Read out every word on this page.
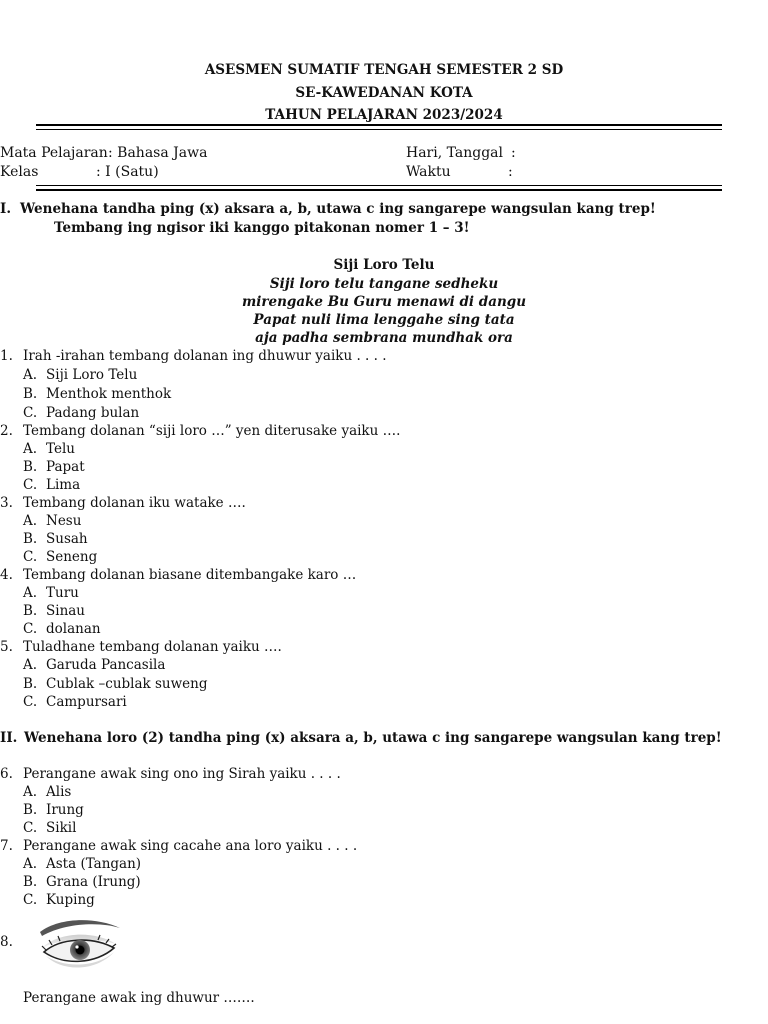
ASESMEN SUMATIF TENGAH SEMESTER 2 SD
SE-KAWEDANAN KOTA
TAHUN PELAJARAN 2023/2024
Mata Pelajaran : Bahasa Jawa	Hari, Tanggal :
Kelas	: I (Satu)	Waktu	:
I. Wenehana tandha ping (x) aksara a, b, utawa c ing sangarepe wangsulan kang trep!
Tembang ing ngisor iki kanggo pitakonan nomer 1 – 3!
Siji Loro Telu
Siji loro telu tangane sedheku
mirengake Bu Guru menawi di dangu
Papat nuli lima lenggahe sing tata
aja padha sembrana mundhak ora
1. Irah -irahan tembang dolanan ing dhuwur yaiku . . . .
A. Siji Loro Telu
B. Menthok menthok
C. Padang bulan
2. Tembang dolanan “siji loro …” yen diterusake yaiku ….
A. Telu
B. Papat
C. Lima
3. Tembang dolanan iku watake ….
A. Nesu
B. Susah
C. Seneng
4. Tembang dolanan biasane ditembangake karo …
A. Turu
B. Sinau
C. dolanan
5. Tuladhane tembang dolanan yaiku ….
A. Garuda Pancasila
B. Cublak –cublak suweng
C. Campursari
II. Wenehana loro (2) tandha ping (x) aksara a, b, utawa c ing sangarepe wangsulan kang trep!
6. Perangane awak sing ono ing Sirah yaiku . . . .
A. Alis
B. Irung
C. Sikil
7. Perangane awak sing cacahe ana loro yaiku . . . .
A. Asta (Tangan)
B. Grana (Irung)
C. Kuping
8.
Perangane awak ing dhuwur …….
